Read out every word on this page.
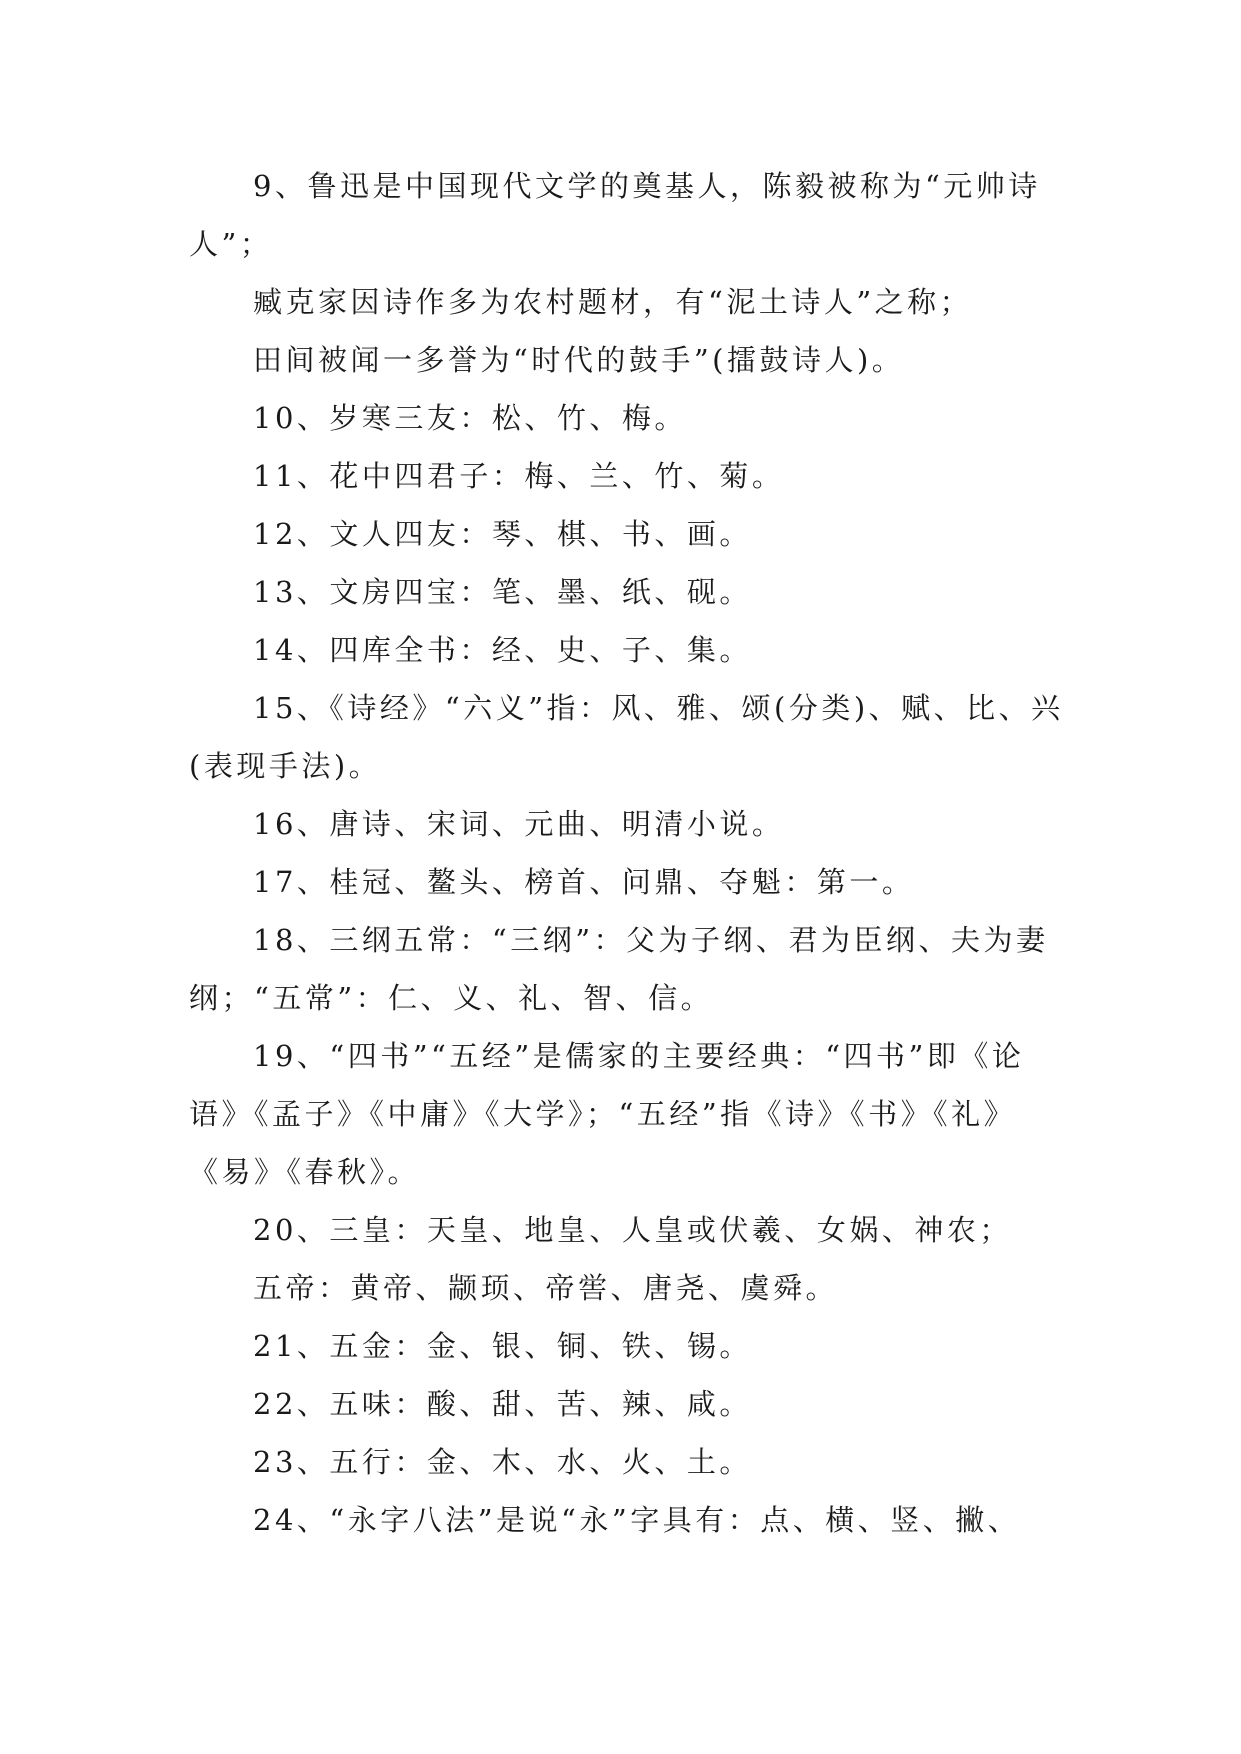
9、鲁迅是中国现代文学的奠基人，陈毅被称为“元帅诗人”；

臧克家因诗作多为农村题材，有“泥土诗人”之称；

田间被闻一多誉为“时代的鼓手”(擂鼓诗人)。

10、岁寒三友：松、竹、梅。

11、花中四君子：梅、兰、竹、菊。

12、文人四友：琴、棋、书、画。

13、文房四宝：笔、墨、纸、砚。

14、四库全书：经、史、子、集。

15、《诗经》“六义”指：风、雅、颂(分类)、赋、比、兴(表现手法)。

16、唐诗、宋词、元曲、明清小说。

17、桂冠、鳌头、榜首、问鼎、夺魁：第一。

18、三纲五常：“三纲”：父为子纲、君为臣纲、夫为妻纲；“五常”：仁、义、礼、智、信。

19、“四书”“五经”是儒家的主要经典：“四书”即《论语》《孟子》《中庸》《大学》；“五经”指《诗》《书》《礼》《易》《春秋》。

20、三皇：天皇、地皇、人皇或伏羲、女娲、神农；

五帝：黄帝、颛顼、帝喾、唐尧、虞舜。

21、五金：金、银、铜、铁、锡。

22、五味：酸、甜、苦、辣、咸。

23、五行：金、木、水、火、土。

24、“永字八法”是说“永”字具有：点、横、竖、撇、
